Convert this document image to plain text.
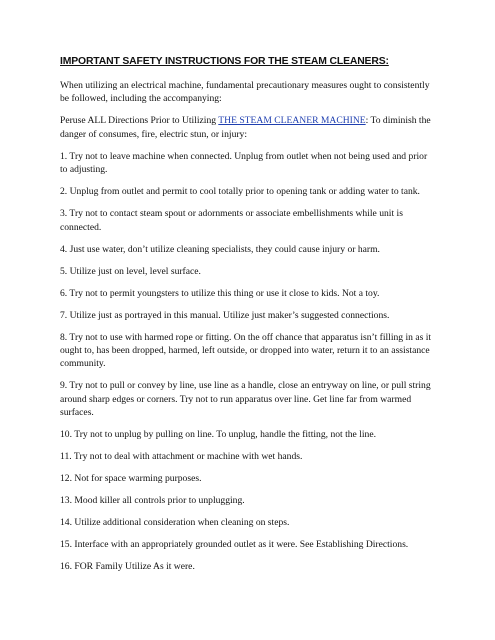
IMPORTANT SAFETY INSTRUCTIONS FOR THE STEAM CLEANERS:

When utilizing an electrical machine, fundamental precautionary measures ought to consistently be followed, including the accompanying:

Peruse ALL Directions Prior to Utilizing THE STEAM CLEANER MACHINE: To diminish the danger of consumes, fire, electric stun, or injury:

1. Try not to leave machine when connected. Unplug from outlet when not being used and prior to adjusting.

2. Unplug from outlet and permit to cool totally prior to opening tank or adding water to tank.

3. Try not to contact steam spout or adornments or associate embellishments while unit is connected.

4. Just use water, don’t utilize cleaning specialists, they could cause injury or harm.

5. Utilize just on level, level surface.

6. Try not to permit youngsters to utilize this thing or use it close to kids. Not a toy.

7. Utilize just as portrayed in this manual. Utilize just maker’s suggested connections.

8. Try not to use with harmed rope or fitting. On the off chance that apparatus isn’t filling in as it ought to, has been dropped, harmed, left outside, or dropped into water, return it to an assistance community.

9. Try not to pull or convey by line, use line as a handle, close an entryway on line, or pull string around sharp edges or corners. Try not to run apparatus over line. Get line far from warmed surfaces.

10. Try not to unplug by pulling on line. To unplug, handle the fitting, not the line.

11. Try not to deal with attachment or machine with wet hands.

12. Not for space warming purposes.

13. Mood killer all controls prior to unplugging.

14. Utilize additional consideration when cleaning on steps.

15. Interface with an appropriately grounded outlet as it were. See Establishing Directions.

16. FOR Family Utilize As it were.
